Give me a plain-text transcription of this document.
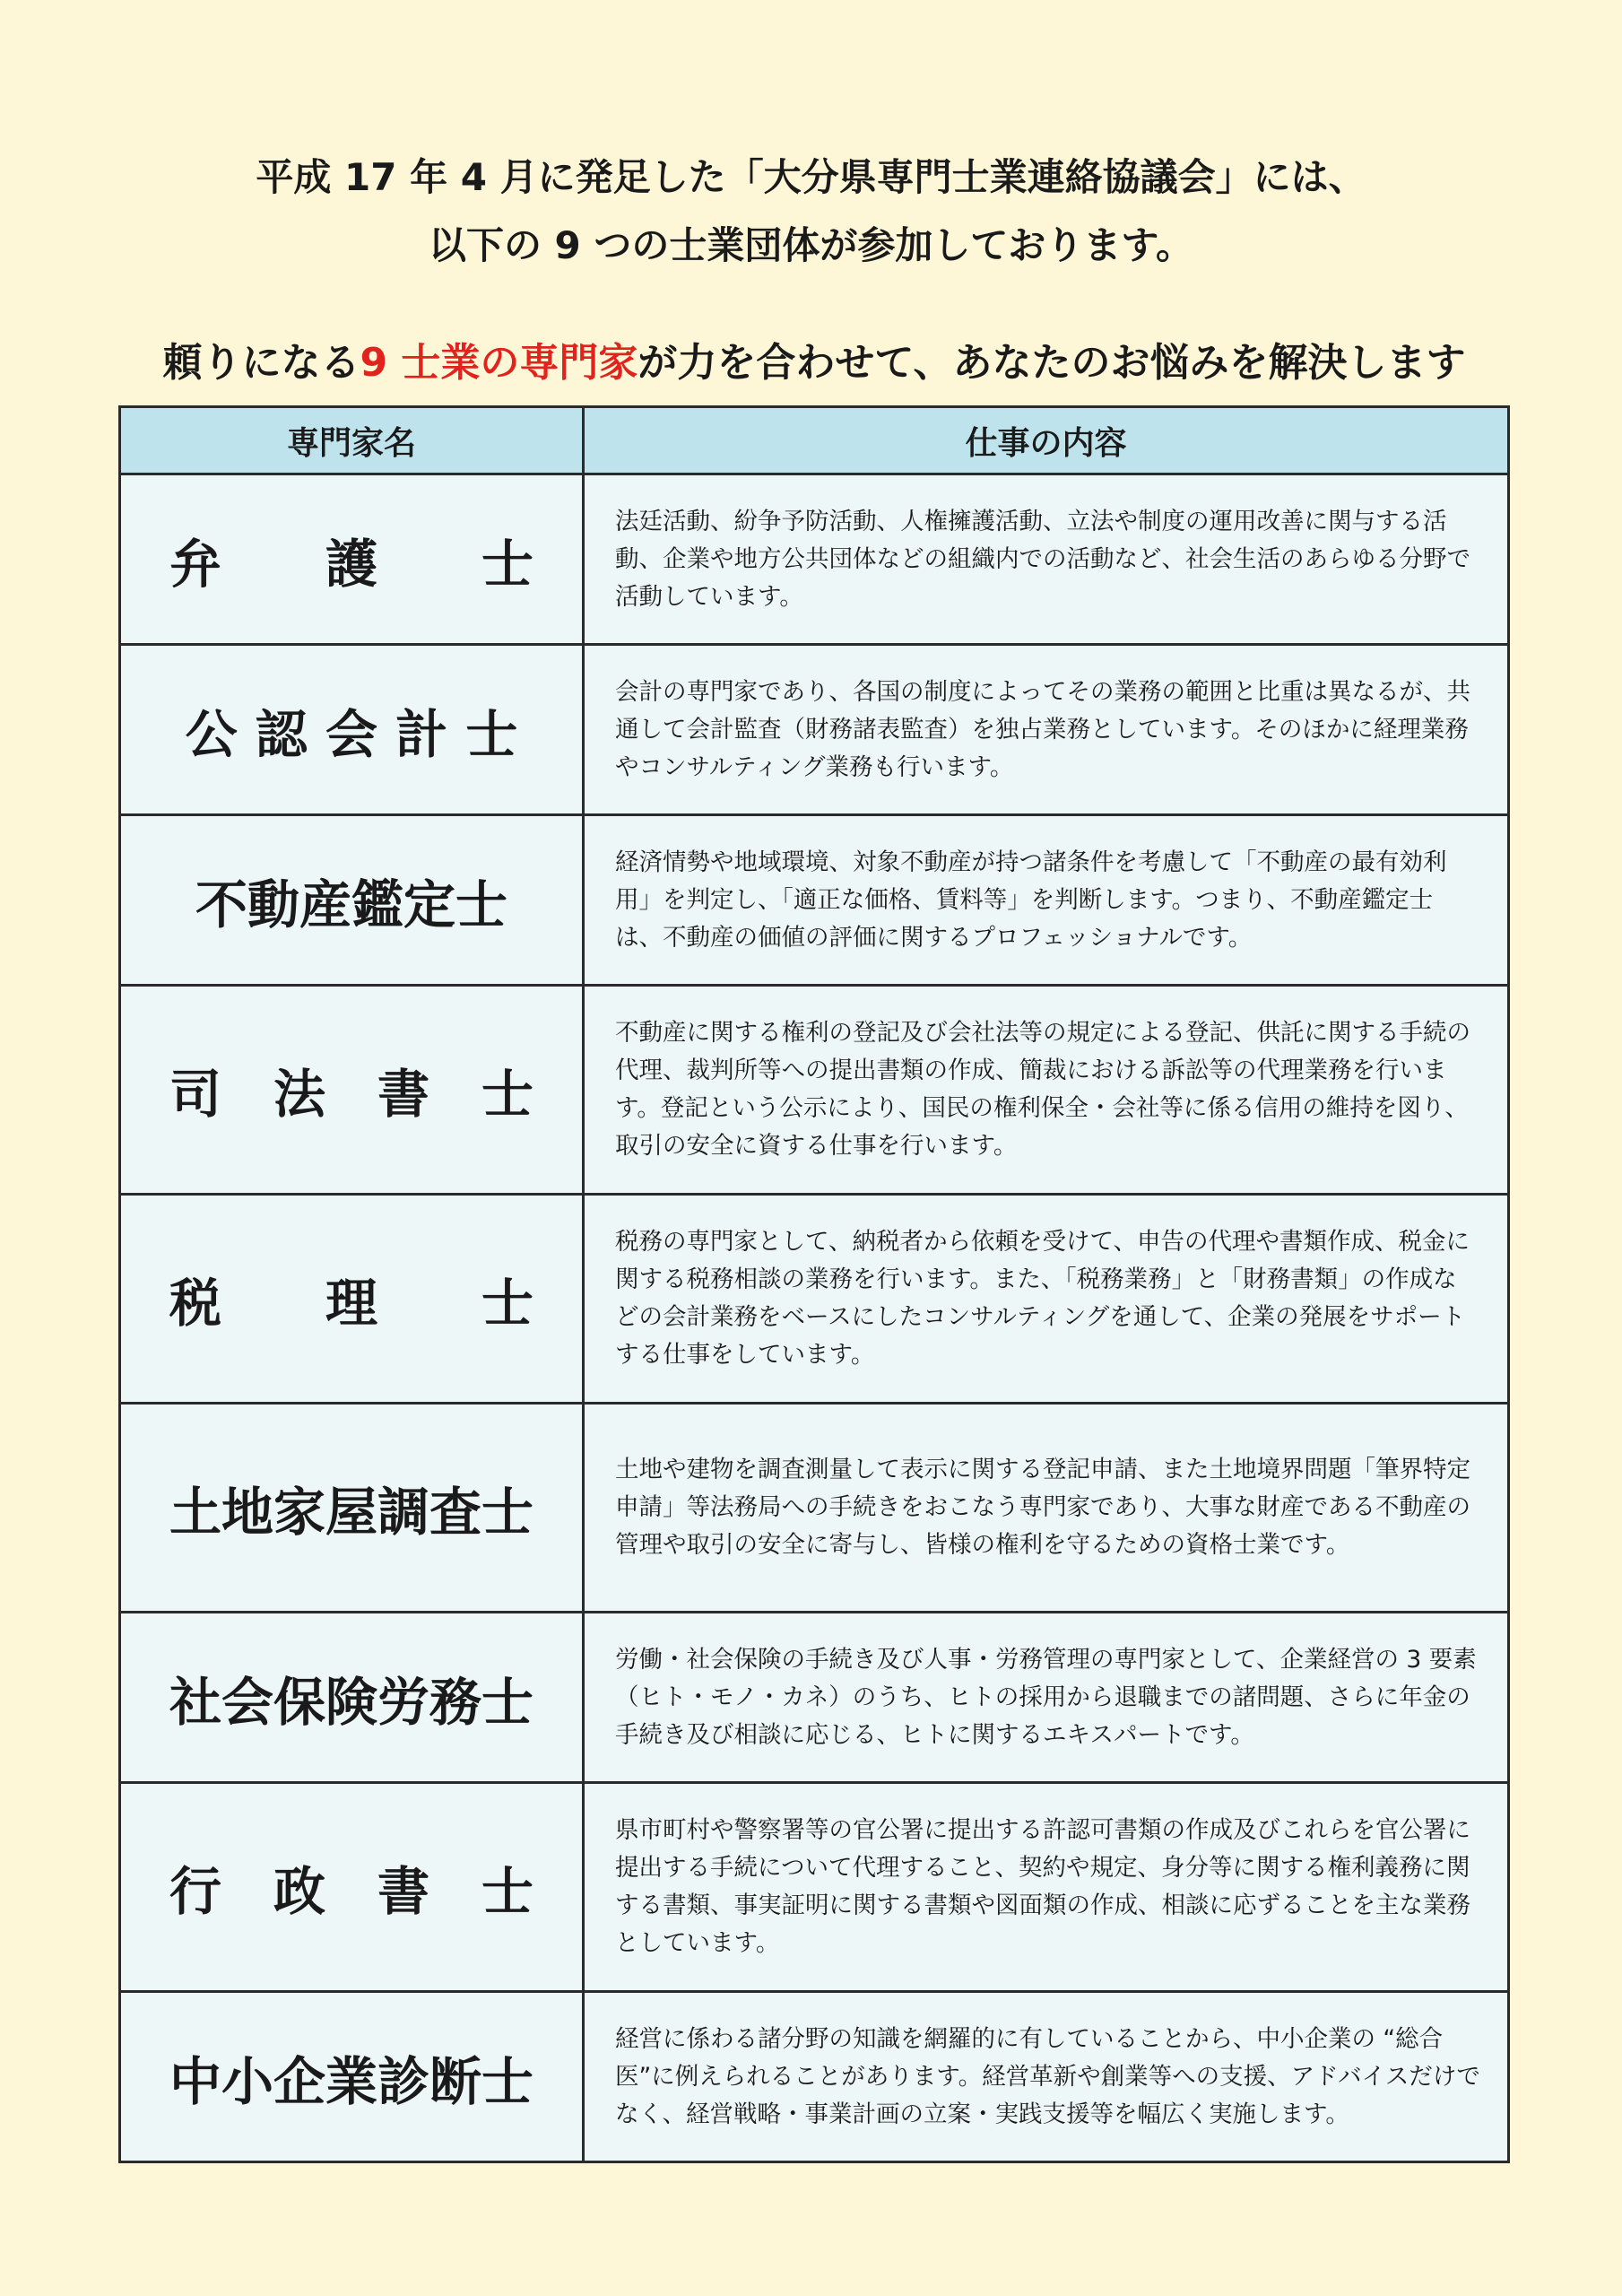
平成 17 年 4 月に発足した「大分県専門士業連絡協議会」には、
以下の 9 つの士業団体が参加しております。
頼りになる9 士業の専門家が力を合わせて、あなたのお悩みを解決します
専門家名	仕事の内容
弁　　護　　士	法廷活動、紛争予防活動、人権擁護活動、立法や制度の運用改善に関与する活動、企業や地方公共団体などの組織内での活動など、社会生活のあらゆる分野で活動しています。
公 認 会 計 士	会計の専門家であり、各国の制度によってその業務の範囲と比重は異なるが、共通して会計監査（財務諸表監査）を独占業務としています。そのほかに経理業務やコンサルティング業務も行います。
不動産鑑定士	経済情勢や地域環境、対象不動産が持つ諸条件を考慮して「不動産の最有効利用」を判定し、「適正な価格、賃料等」を判断します。つまり、不動産鑑定士は、不動産の価値の評価に関するプロフェッショナルです。
司　法　書　士	不動産に関する権利の登記及び会社法等の規定による登記、供託に関する手続の代理、裁判所等への提出書類の作成、簡裁における訴訟等の代理業務を行います。登記という公示により、国民の権利保全・会社等に係る信用の維持を図り、取引の安全に資する仕事を行います。
税　　理　　士	税務の専門家として、納税者から依頼を受けて、申告の代理や書類作成、税金に関する税務相談の業務を行います。また、「税務業務」と「財務書類」の作成などの会計業務をベースにしたコンサルティングを通して、企業の発展をサポートする仕事をしています。
土地家屋調査士	土地や建物を調査測量して表示に関する登記申請、また土地境界問題「筆界特定申請」等法務局への手続きをおこなう専門家であり、大事な財産である不動産の管理や取引の安全に寄与し、皆様の権利を守るための資格士業です。
社会保険労務士	労働・社会保険の手続き及び人事・労務管理の専門家として、企業経営の 3 要素（ヒト・モノ・カネ）のうち、ヒトの採用から退職までの諸問題、さらに年金の手続き及び相談に応じる、ヒトに関するエキスパートです。
行　政　書　士	県市町村や警察署等の官公署に提出する許認可書類の作成及びこれらを官公署に提出する手続について代理すること、契約や規定、身分等に関する権利義務に関する書類、事実証明に関する書類や図面類の作成、相談に応ずることを主な業務としています。
中小企業診断士	経営に係わる諸分野の知識を網羅的に有していることから、中小企業の “総合医”に例えられることがあります。経営革新や創業等への支援、アドバイスだけでなく、経営戦略・事業計画の立案・実践支援等を幅広く実施します。
